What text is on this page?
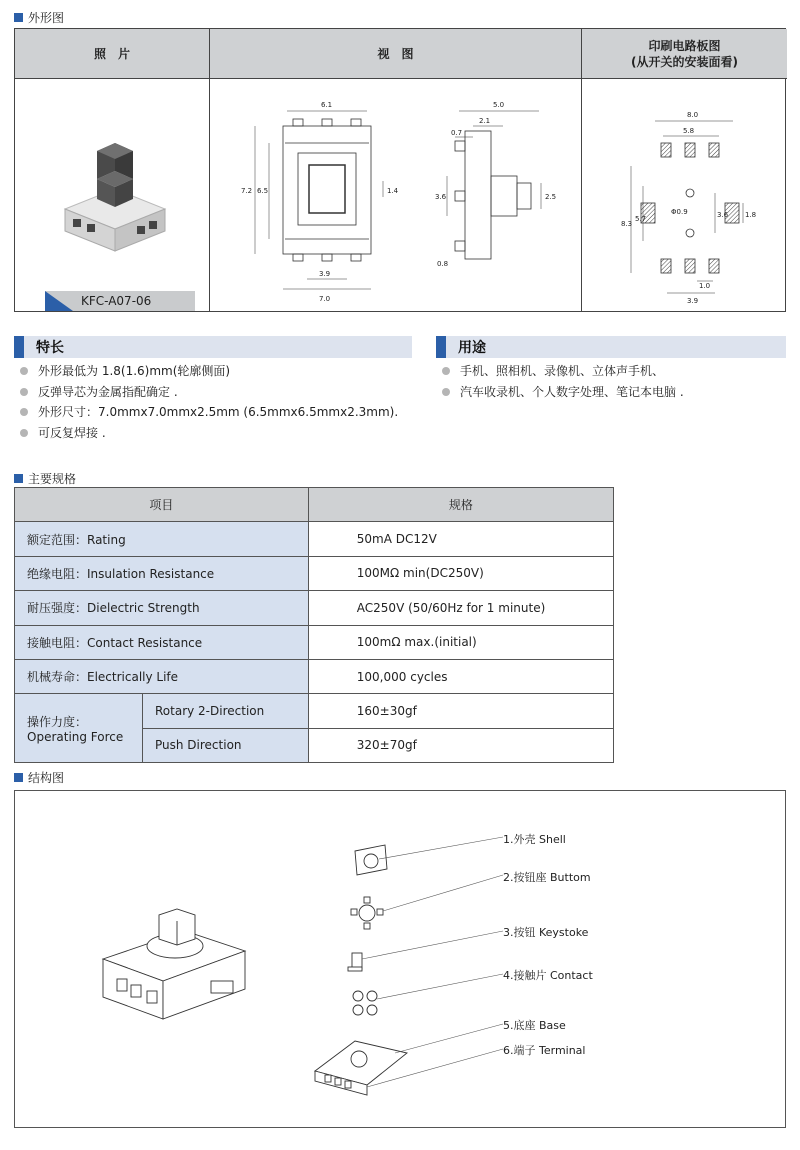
外形图
照　片	视　图
印刷电路板图
(从开关的安装面看)
KFC-A07-06
6.1
7.0
3.9
7.2 6.5	1.4
5.0
2.1
0.7
3.6	2.5
0.8
8.0
5.8
8.3
5.7
Φ0.9	3.6 1.8
1.0
3.9
特长
外形最低为 1.8(1.6)mm(轮廓侧面)
反弹导芯为金属指配确定 .
外形尺寸：7.0mmx7.0mmx2.5mm (6.5mmx6.5mmx2.3mm).
可反复焊接 .
用途
手机、照相机、录像机、立体声手机、
汽车收录机、个人数字处理、笔记本电脑 .
主要规格
项目		规格
额定范围：Rating		50mA DC12V
绝缘电阻：Insulation Resistance		100MΩ min(DC250V)
耐压强度：Dielectric Strength		AC250V (50/60Hz for 1 minute)
接触电阻：Contact Resistance		100mΩ max.(initial)
机械寿命：Electrically Life		100,000 cycles

操作力度：
Operating Force	Rotary 2-Direction	160±30gf
	Push Direction	320±70gf
结构图
1.外壳 Shell
2.按钮座 Buttom
3.按钮 Keystoke
4.接触片 Contact
5.底座 Base
6.端子 Terminal
